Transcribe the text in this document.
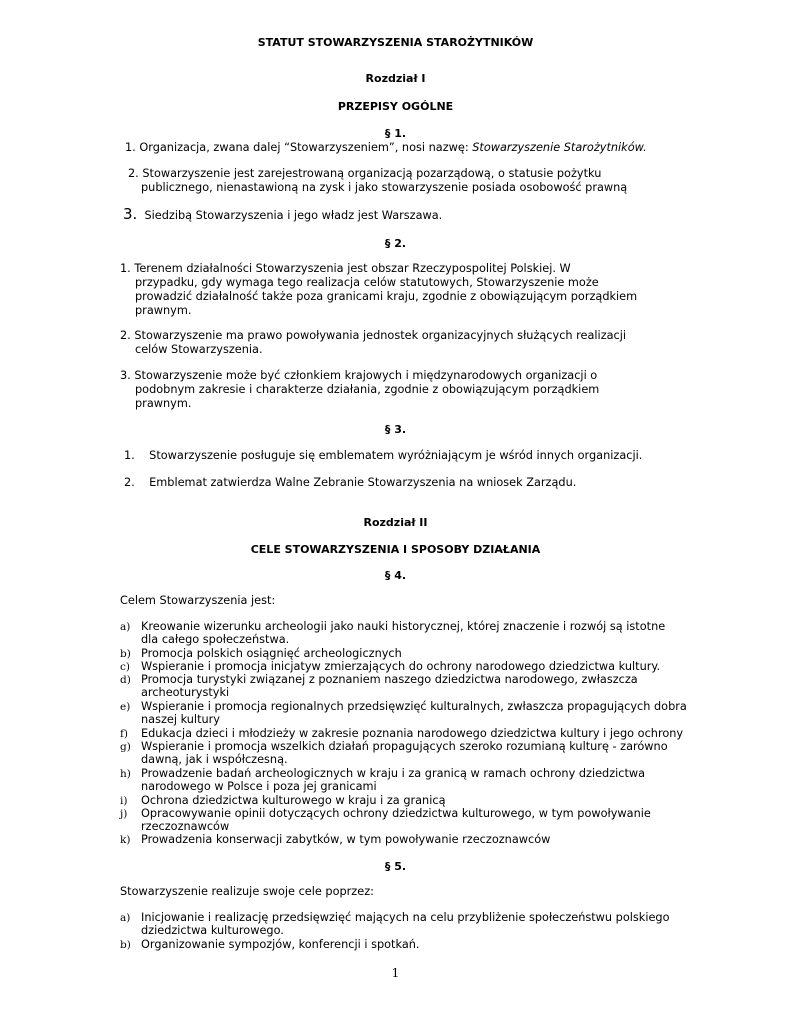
STATUT STOWARZYSZENIA STAROŻYTNIKÓW

Rozdział I

PRZEPISY OGÓLNE

§ 1.

1. Organizacja, zwana dalej “Stowarzyszeniem”, nosi nazwę: Stowarzyszenie Starożytników.

2. Stowarzyszenie jest zarejestrowaną organizacją pozarządową, o statusie pożytku

publicznego, nienastawioną na zysk i jako stowarzyszenie posiada osobowość prawną

3. Siedzibą Stowarzyszenia i jego władz jest Warszawa.

§ 2.

1. Terenem działalności Stowarzyszenia jest obszar Rzeczypospolitej Polskiej. W

przypadku, gdy wymaga tego realizacja celów statutowych, Stowarzyszenie może

prowadzić działalność także poza granicami kraju, zgodnie z obowiązującym porządkiem

prawnym.

2. Stowarzyszenie ma prawo powoływania jednostek organizacyjnych służących realizacji

celów Stowarzyszenia.

3. Stowarzyszenie może być członkiem krajowych i międzynarodowych organizacji o

podobnym zakresie i charakterze działania, zgodnie z obowiązującym porządkiem

prawnym.

§ 3.

1. Stowarzyszenie posługuje się emblematem wyróżniającym je wśród innych organizacji.

2. Emblemat zatwierdza Walne Zebranie Stowarzyszenia na wniosek Zarządu.

Rozdział II

CELE STOWARZYSZENIA I SPOSOBY DZIAŁANIA

§ 4.

Celem Stowarzyszenia jest:

a) Kreowanie wizerunku archeologii jako nauki historycznej, której znaczenie i rozwój są istotne

dla całego społeczeństwa.

b) Promocja polskich osiągnięć archeologicznych

c) Wspieranie i promocja inicjatyw zmierzających do ochrony narodowego dziedzictwa kultury.

d) Promocja turystyki związanej z poznaniem naszego dziedzictwa narodowego, zwłaszcza

archeoturystyki

e) Wspieranie i promocja regionalnych przedsięwzięć kulturalnych, zwłaszcza propagujących dobra

naszej kultury

f) Edukacja dzieci i młodzieży w zakresie poznania narodowego dziedzictwa kultury i jego ochrony

g) Wspieranie i promocja wszelkich działań propagujących szeroko rozumianą kulturę - zarówno

dawną, jak i współczesną.

h) Prowadzenie badań archeologicznych w kraju i za granicą w ramach ochrony dziedzictwa

narodowego w Polsce i poza jej granicami

i) Ochrona dziedzictwa kulturowego w kraju i za granicą

j) Opracowywanie opinii dotyczących ochrony dziedzictwa kulturowego, w tym powoływanie

rzeczoznawców

k) Prowadzenia konserwacji zabytków, w tym powoływanie rzeczoznawców

§ 5.

Stowarzyszenie realizuje swoje cele poprzez:

a) Inicjowanie i realizację przedsięwzięć mających na celu przybliżenie społeczeństwu polskiego

dziedzictwa kulturowego.

b) Organizowanie sympozjów, konferencji i spotkań.

1
